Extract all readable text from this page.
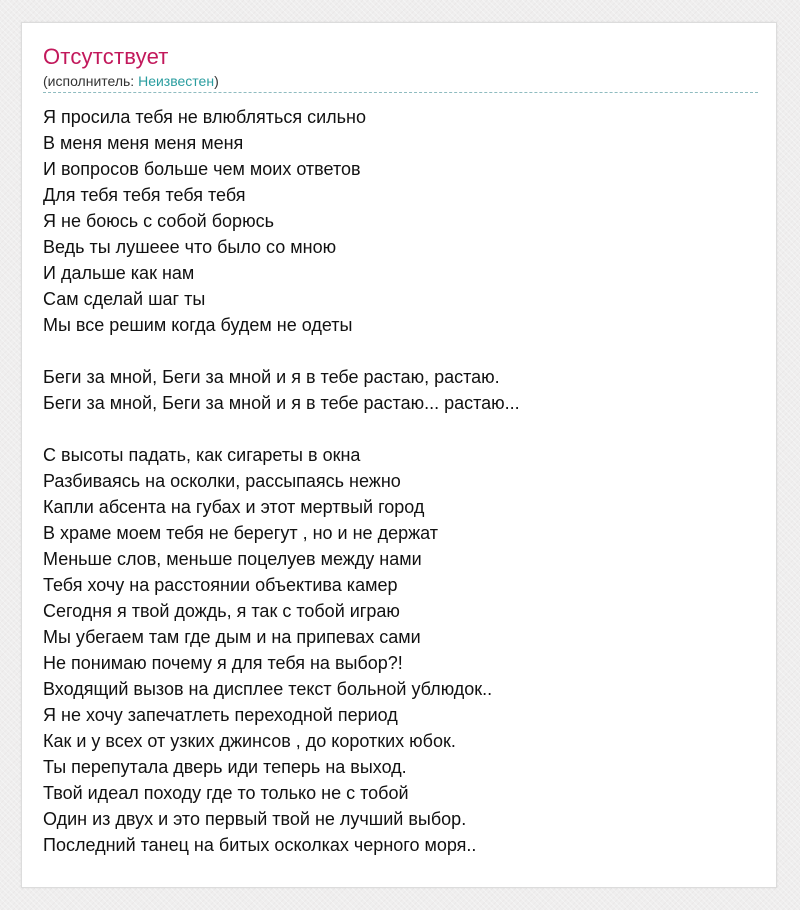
Отсутствует
(исполнитель: Неизвестен)
Я просила тебя не влюбляться сильно
В меня меня меня меня
И вопросов больше чем моих ответов
Для тебя тебя тебя тебя
Я не боюсь с собой борюсь
Ведь ты лушеее что было со мною
И дальше как нам
Сам сделай шаг ты
Мы все решим когда будем не одеты
Беги за мной, Беги за мной и я в тебе растаю, растаю.
Беги за мной, Беги за мной и я в тебе растаю... растаю...
С высоты падать, как сигареты в окна
Разбиваясь на осколки, рассыпаясь нежно
Капли абсента на губах и этот мертвый город
В храме моем тебя не берегут , но и не держат
Меньше слов, меньше поцелуев между нами
Тебя хочу на расстоянии объектива камер
Сегодня я твой дождь, я так с тобой играю
Мы убегаем там где дым и на припевах сами
Не понимаю почему я для тебя на выбор?!
Входящий вызов на дисплее текст больной ублюдок..
Я не хочу запечатлеть переходной период
Как и у всех от узких джинсов , до коротких юбок.
Ты перепутала дверь иди теперь на выход.
Твой идеал походу где то только не с тобой
Один из двух и это первый твой не лучший выбор.
Последний танец на битых осколках черного моря..
